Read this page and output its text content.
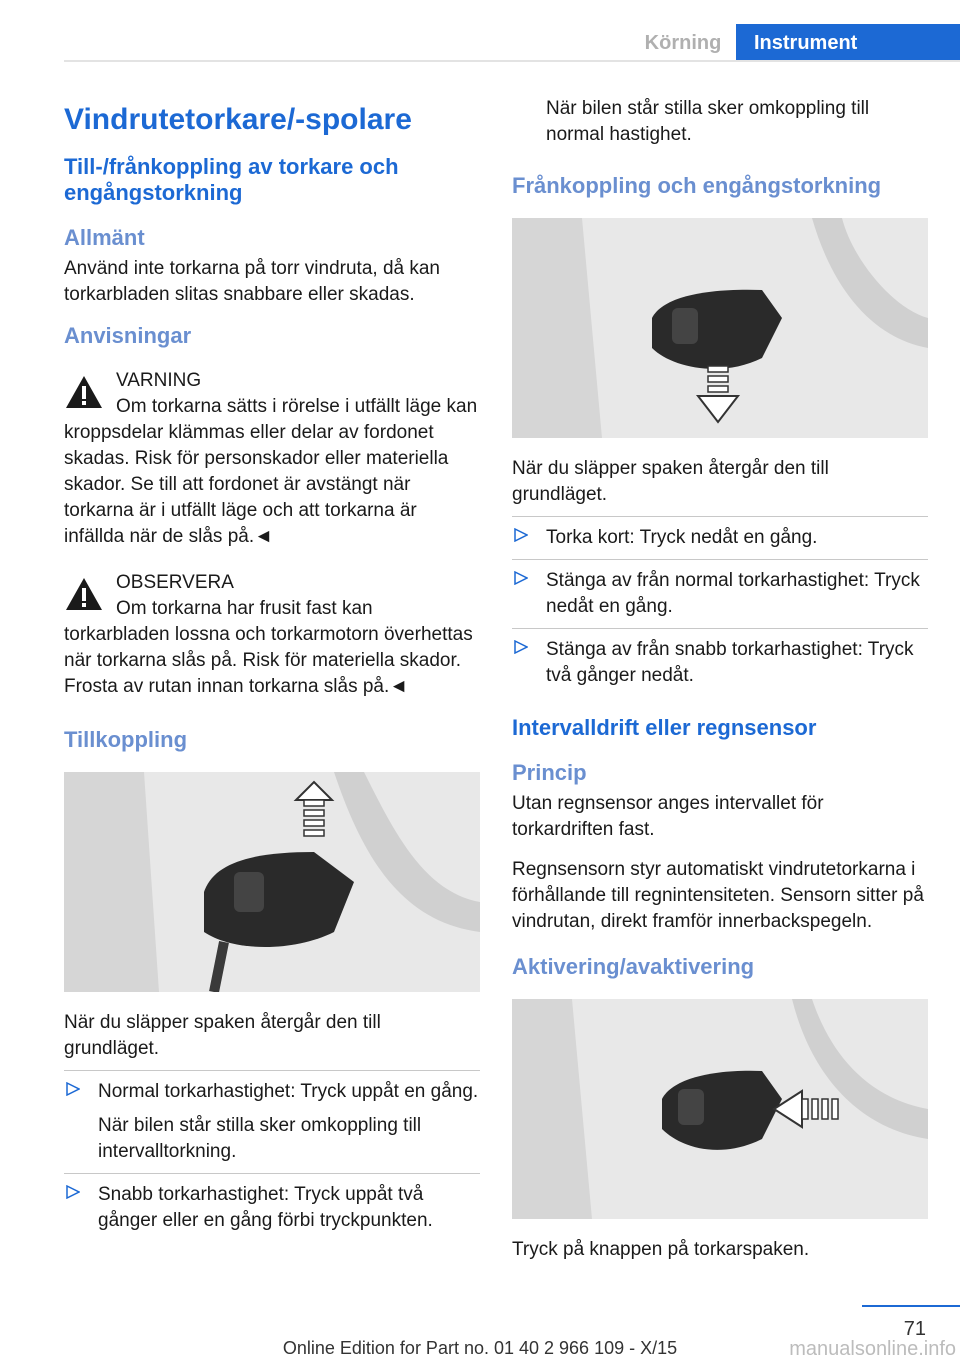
Körning	Instrument
Vindrutetorkare/-spolare
Till-/frånkoppling av torkare och engångstorkning
Allmänt
Använd inte torkarna på torr vindruta, då kan torkarbladen slitas snabbare eller skadas.
Anvisningar
VARNING
Om torkarna sätts i rörelse i utfällt läge kan kroppsdelar klämmas eller delar av fordonet skadas. Risk för personskador eller materiella skador. Se till att fordonet är avstängt när torkarna är i utfällt läge och att torkarna är infällda när de slås på.◄
OBSERVERA
Om torkarna har frusit fast kan torkarbladen lossna och torkarmotorn överhettas när torkarna slås på. Risk för materiella skador. Frosta av rutan innan torkarna slås på.◄
Tillkoppling
När du släpper spaken återgår den till grundläget.
Normal torkarhastighet: Tryck uppåt en gång.
När bilen står stilla sker omkoppling till intervalltorkning.
Snabb torkarhastighet: Tryck uppåt två gånger eller en gång förbi tryckpunkten.
När bilen står stilla sker omkoppling till normal hastighet.
Frånkoppling och engångstorkning
När du släpper spaken återgår den till grundläget.
Torka kort: Tryck nedåt en gång.
Stänga av från normal torkarhastighet: Tryck nedåt en gång.
Stänga av från snabb torkarhastighet: Tryck två gånger nedåt.
Intervalldrift eller regnsensor
Princip
Utan regnsensor anges intervallet för torkardriften fast.
Regnsensorn styr automatiskt vindrutetorkarna i förhållande till regnintensiteten. Sensorn sitter på vindrutan, direkt framför innerbackspegeln.
Aktivering/avaktivering
Tryck på knappen på torkarspaken.
71
Online Edition for Part no. 01 40 2 966 109 - X/15	manualsonline.info
